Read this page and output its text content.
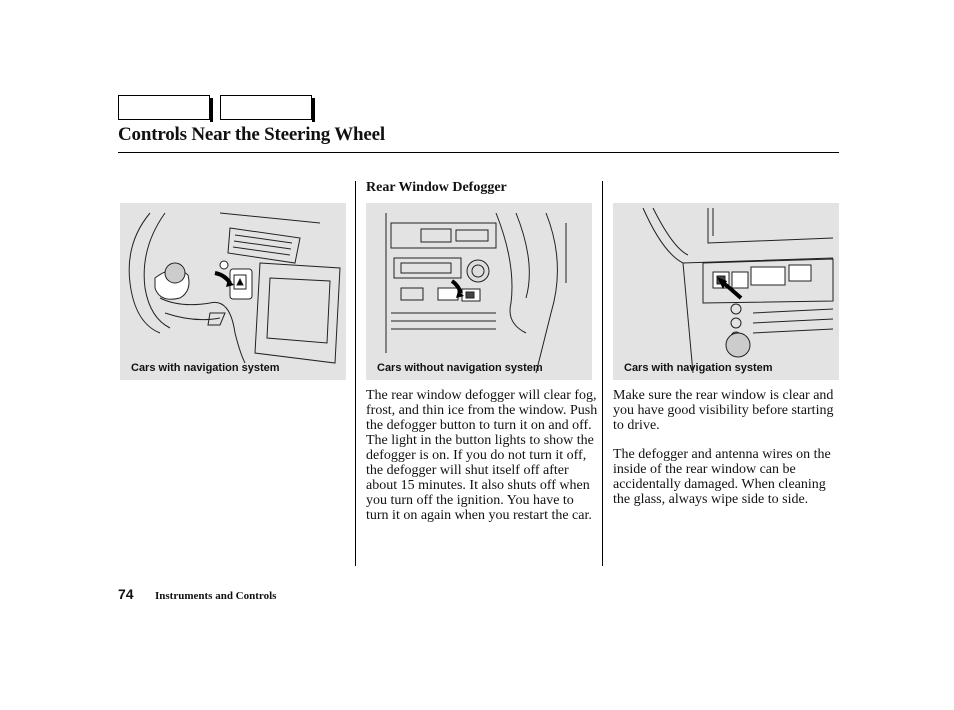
Controls Near the Steering Wheel
Rear Window Defogger
Cars with navigation system	Cars without navigation system	Cars with navigation system

The rear window defogger will clear fog, frost, and thin ice from the window. Push the defogger button to turn it on and off. The light in the button lights to show the defogger is on. If you do not turn it off, the defogger will shut itself off after about 15 minutes. It also shuts off when you turn off the ignition. You have to turn it on again when you restart the car.

Make sure the rear window is clear and you have good visibility before starting to drive.

The defogger and antenna wires on the inside of the rear window can be accidentally damaged. When cleaning the glass, always wipe side to side.

74 Instruments and Controls
